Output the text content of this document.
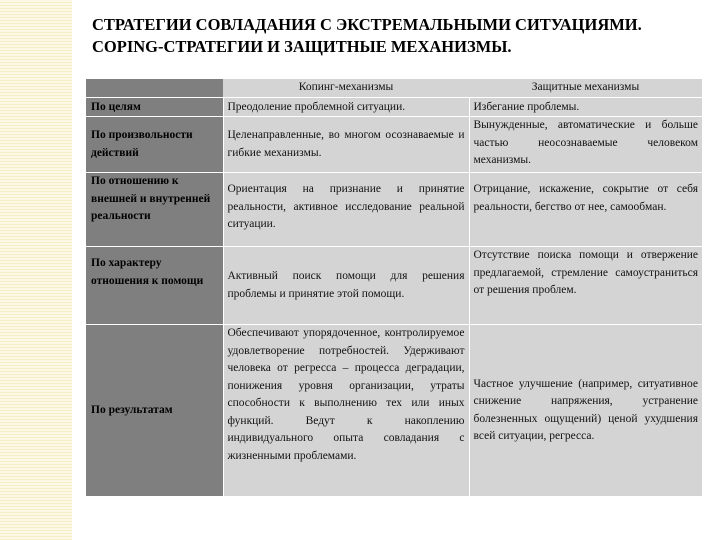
СТРАТЕГИИ СОВЛАДАНИЯ С ЭКСТРЕМАЛЬНЫМИ СИТУАЦИЯМИ.
COPING-СТРАТЕГИИ И ЗАЩИТНЫЕ МЕХАНИЗМЫ.
	Копинг-механизмы	Защитные механизмы
По целям	Преодоление проблемной ситуации.	Избегание проблемы.
По произвольности действий	Целенаправленные, во многом осознаваемые и гибкие механизмы.	Вынужденные, автоматические и больше частью неосознаваемые человеком механизмы.
По отношению к внешней и внутренней реальности	Ориентация на признание и принятие реальности, активное исследование реальной ситуации.	Отрицание, искажение, сокрытие от себя реальности, бегство от нее, самообман.
По характеру отношения к помощи	Активный поиск помощи для решения проблемы и принятие этой помощи.	Отсутствие поиска помощи и отвержение предлагаемой, стремление самоустраниться от решения проблем.
По результатам	Обеспечивают упорядоченное, контролируемое удовлетворение потребностей. Удерживают человека от регресса – процесса деградации, понижения уровня организации, утраты способности к выполнению тех или иных функций. Ведут к накоплению индивидуального опыта совладания с жизненными проблемами.	Частное улучшение (например, ситуативное снижение напряжения, устранение болезненных ощущений) ценой ухудшения всей ситуации, регресса.
